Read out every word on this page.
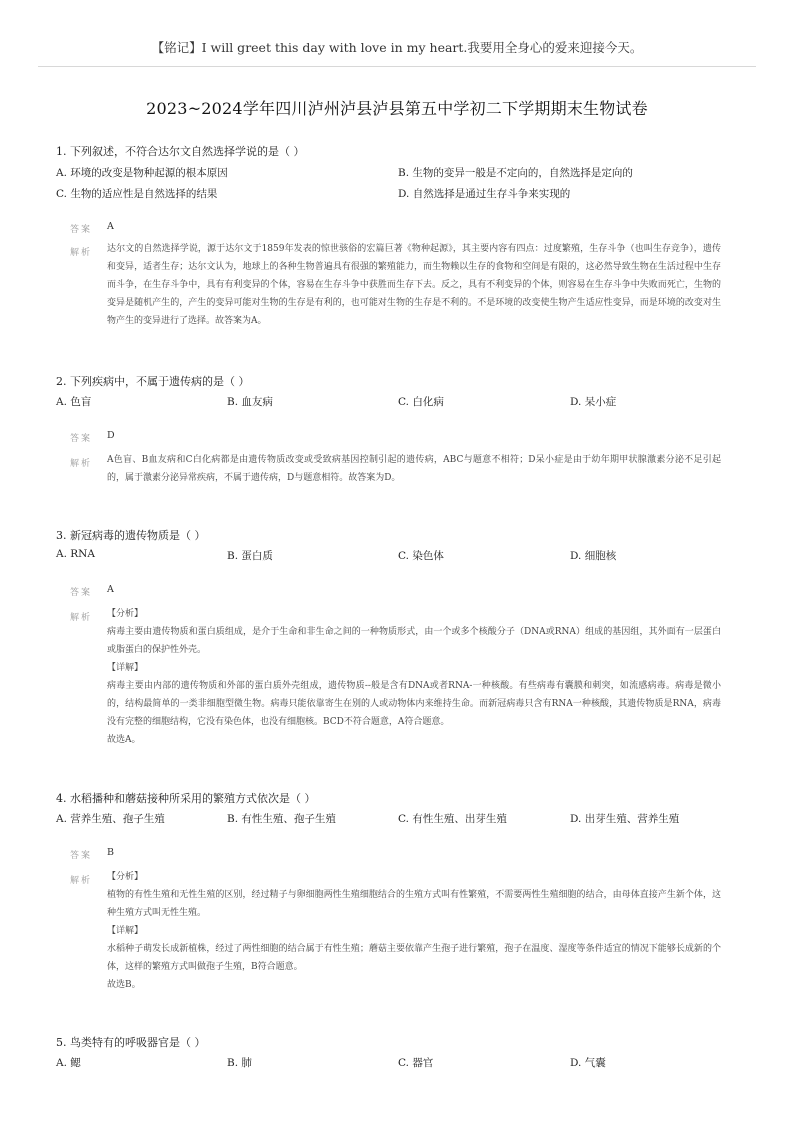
【铭记】I will greet this day with love in my heart.我要用全身心的爱来迎接今天。
2023~2024学年四川泸州泸县泸县第五中学初二下学期期末生物试卷
1. 下列叙述，不符合达尔文自然选择学说的是（ ）
A. 环境的改变是物种起源的根本原因	B. 生物的变异一般是不定向的，自然选择是定向的
C. 生物的适应性是自然选择的结果	D. 自然选择是通过生存斗争来实现的
答案 A
解析 达尔文的自然选择学说，源于达尔文于1859年发表的惊世骇俗的宏篇巨著《物种起源》，其主要内容有四点：过度繁殖，生存斗争（也叫生存竞争），遗传和变异，适者生存；达尔文认为，地球上的各种生物普遍具有很强的繁殖能力，而生物赖以生存的食物和空间是有限的，这必然导致生物在生活过程中生存而斗争，在生存斗争中，具有有利变异的个体，容易在生存斗争中获胜而生存下去。反之，具有不利变异的个体，则容易在生存斗争中失败而死亡，生物的变异是随机产生的，产生的变异可能对生物的生存是有利的，也可能对生物的生存是不利的。不是环境的改变使生物产生适应性变异，而是环境的改变对生物产生的变异进行了选择。故答案为A。

2. 下列疾病中，不属于遗传病的是（ ）
A. 色盲	B. 血友病	C. 白化病	D. 呆小症
答案 D
解析 A色盲、B血友病和C白化病都是由遗传物质改变或受致病基因控制引起的遗传病，ABC与题意不相符；D呆小症是由于幼年期甲状腺激素分泌不足引起的，属于激素分泌异常疾病，不属于遗传病，D与题意相符。故答案为D。

3. 新冠病毒的遗传物质是（ ）
A. RNA	B. 蛋白质	C. 染色体	D. 细胞核
答案 A
解析 【分析】

病毒主要由遗传物质和蛋白质组成，是介于生命和非生命之间的一种物质形式，由一个或多个核酸分子（DNA或RNA）组成的基因组，其外面有一层蛋白或脂蛋白的保护性外壳。

【详解】

病毒主要由内部的遗传物质和外部的蛋白质外壳组成，遗传物质--般是含有DNA或者RNA-一种核酸。有些病毒有囊膜和刺突，如流感病毒。病毒是微小的，结构最简单的一类非细胞型微生物。病毒只能依靠寄生在别的人或动物体内来维持生命。而新冠病毒只含有RNA一种核酸，其遗传物质是RNA，病毒没有完整的细胞结构，它没有染色体，也没有细胞核。BCD不符合题意，A符合题意。

故选A。

4. 水稻播种和蘑菇接种所采用的繁殖方式依次是（ ）
A. 营养生殖、孢子生殖	B. 有性生殖、孢子生殖	C. 有性生殖、出芽生殖	D. 出芽生殖、营养生殖
答案 B
解析 【分析】

植物的有性生殖和无性生殖的区别，经过精子与卵细胞两性生殖细胞结合的生殖方式叫有性繁殖，不需要两性生殖细胞的结合，由母体直接产生新个体，这种生殖方式叫无性生殖。

【详解】

水稻种子萌发长成新植株，经过了两性细胞的结合属于有性生殖；蘑菇主要依靠产生孢子进行繁殖，孢子在温度、湿度等条件适宜的情况下能够长成新的个体，这样的繁殖方式叫做孢子生殖，B符合题意。

故选B。

5. 鸟类特有的呼吸器官是（ ）
A. 鳃	B. 肺	C. 器官	D. 气囊
